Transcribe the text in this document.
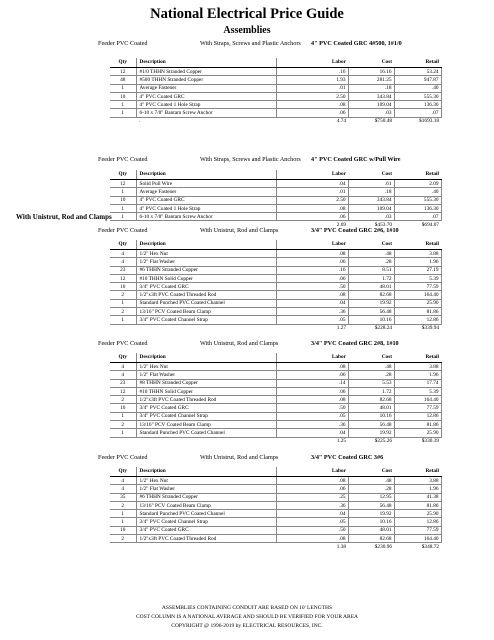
National Electrical Price Guide
Assemblies
With Unistrut, Rod and Clamps
Feeder PVC Coated	With Straps, Screws and Plastic Anchors	4" PVC Coated GRC 4#500, 1#1/0
Qty	Description	Labor	Cost	Retail
12	#1/0 THHN Stranded Copper	.16	16.16	53.24
48	#500 THHN Stranded Copper	1.93	281.25	947.87
1	Average Fastener	.01	.18	.40
10	4" PVC Coated GRC	2.50	343.84	555.30
1	4" PVC Coated 1 Hole Strap	.08	109.04	136.30
1	6-10 x 7/8" Bantam Screw Anchor	.06	.03	.07
	.	4.74	$750.48	$1693.18
Feeder PVC Coated	With Straps, Screws and Plastic Anchors	4" PVC Coated GRC w/Pull Wire
Qty	Description	Labor	Cost	Retail
12	Solid Pull Wire	.04	.61	2.09
1	Average Fastener	.01	.18	.40
10	4" PVC Coated GRC	2.50	343.84	555.30
1	4" PVC Coated 1 Hole Strap	.08	109.04	136.30
1	6-10 x 7/8" Bantam Screw Anchor	.06	.03	.07
		2.69	$453.70	$694.07
Feeder PVC Coated	With Unistrut, Rod and Clamps	3/4" PVC Coated GRC 2#6, 1#10
Qty	Description	Labor	Cost	Retail
4	1/2" Hex Nut	.08	.48	3.88
4	1/2" Flat Washer	.06	.28	1.96
23	#6 THHN Stranded Copper	.16	8.51	27.19
12	#10 THHN Solid Copper	.06	1.72	5.39
10	3/4" PVC Coated GRC	.50	48.01	77.59
2	1/2"x3ft PVC Coated Threaded Rod	.08	82.68	164.40
1	Standard Punched PVC Coated Channel	.04	19.92	25.90
2	13/16" PCV Coated Beam Clamp	.36	56.48	81.86
1	3/4" PVC Coated Channel Strap	.05	10.16	12.86
		1.27	$228.24	$339.94
Feeder PVC Coated	With Unistrut, Rod and Clamps	3/4" PVC Coated GRC 2#8, 1#10
Qty	Description	Labor	Cost	Retail
4	1/2" Hex Nut	.08	.48	3.88
4	1/2" Flat Washer	.06	.28	1.96
23	#8 THHN Stranded Copper	.14	5.53	17.74
12	#10 THHN Solid Copper	.06	1.72	5.39
2	1/2"x3ft PVC Coated Threaded Rod	.08	82.68	164.40
10	3/4" PVC Coated GRC	.50	48.01	77.59
1	3/4" PVC Coated Channel Strap	.05	10.16	12.86
2	13/16" PCV Coated Beam Clamp	.36	56.48	81.86
1	Standard Punched PVC Coated Channel	.04	19.92	25.90
		1.25	$225.26	$330.39
Feeder PVC Coated	With Unistrut, Rod and Clamps	3/4" PVC Coated GRC 3#6
Qty	Description	Labor	Cost	Retail
4	1/2" Hex Nut	.08	.48	3.88
4	1/2" Flat Washer	.06	.28	1.96
35	#6 THHN Stranded Copper	.25	12.95	41.38
2	13/16" PCV Coated Beam Clamp	.36	56.48	81.86
1	Standard Punched PVC Coated Channel	.04	19.92	25.90
1	3/4" PVC Coated Channel Strap	.05	10.16	12.86
10	3/4" PVC Coated GRC	.50	48.01	77.59
2	1/2"x3ft PVC Coated Threaded Rod	.08	82.68	164.40
		1.38	$230.96	$348.72
ASSEMBLIES CONTAINING CONDUIT ARE BASED ON 10' LENGTHS
COST COLUMN IS A NATIONAL AVERAGE AND SHOULD BE VERIFIED FOR YOUR AREA
COPYRIGHT @ 1996-2019 by ELECTRICAL RESOURCES, INC.
